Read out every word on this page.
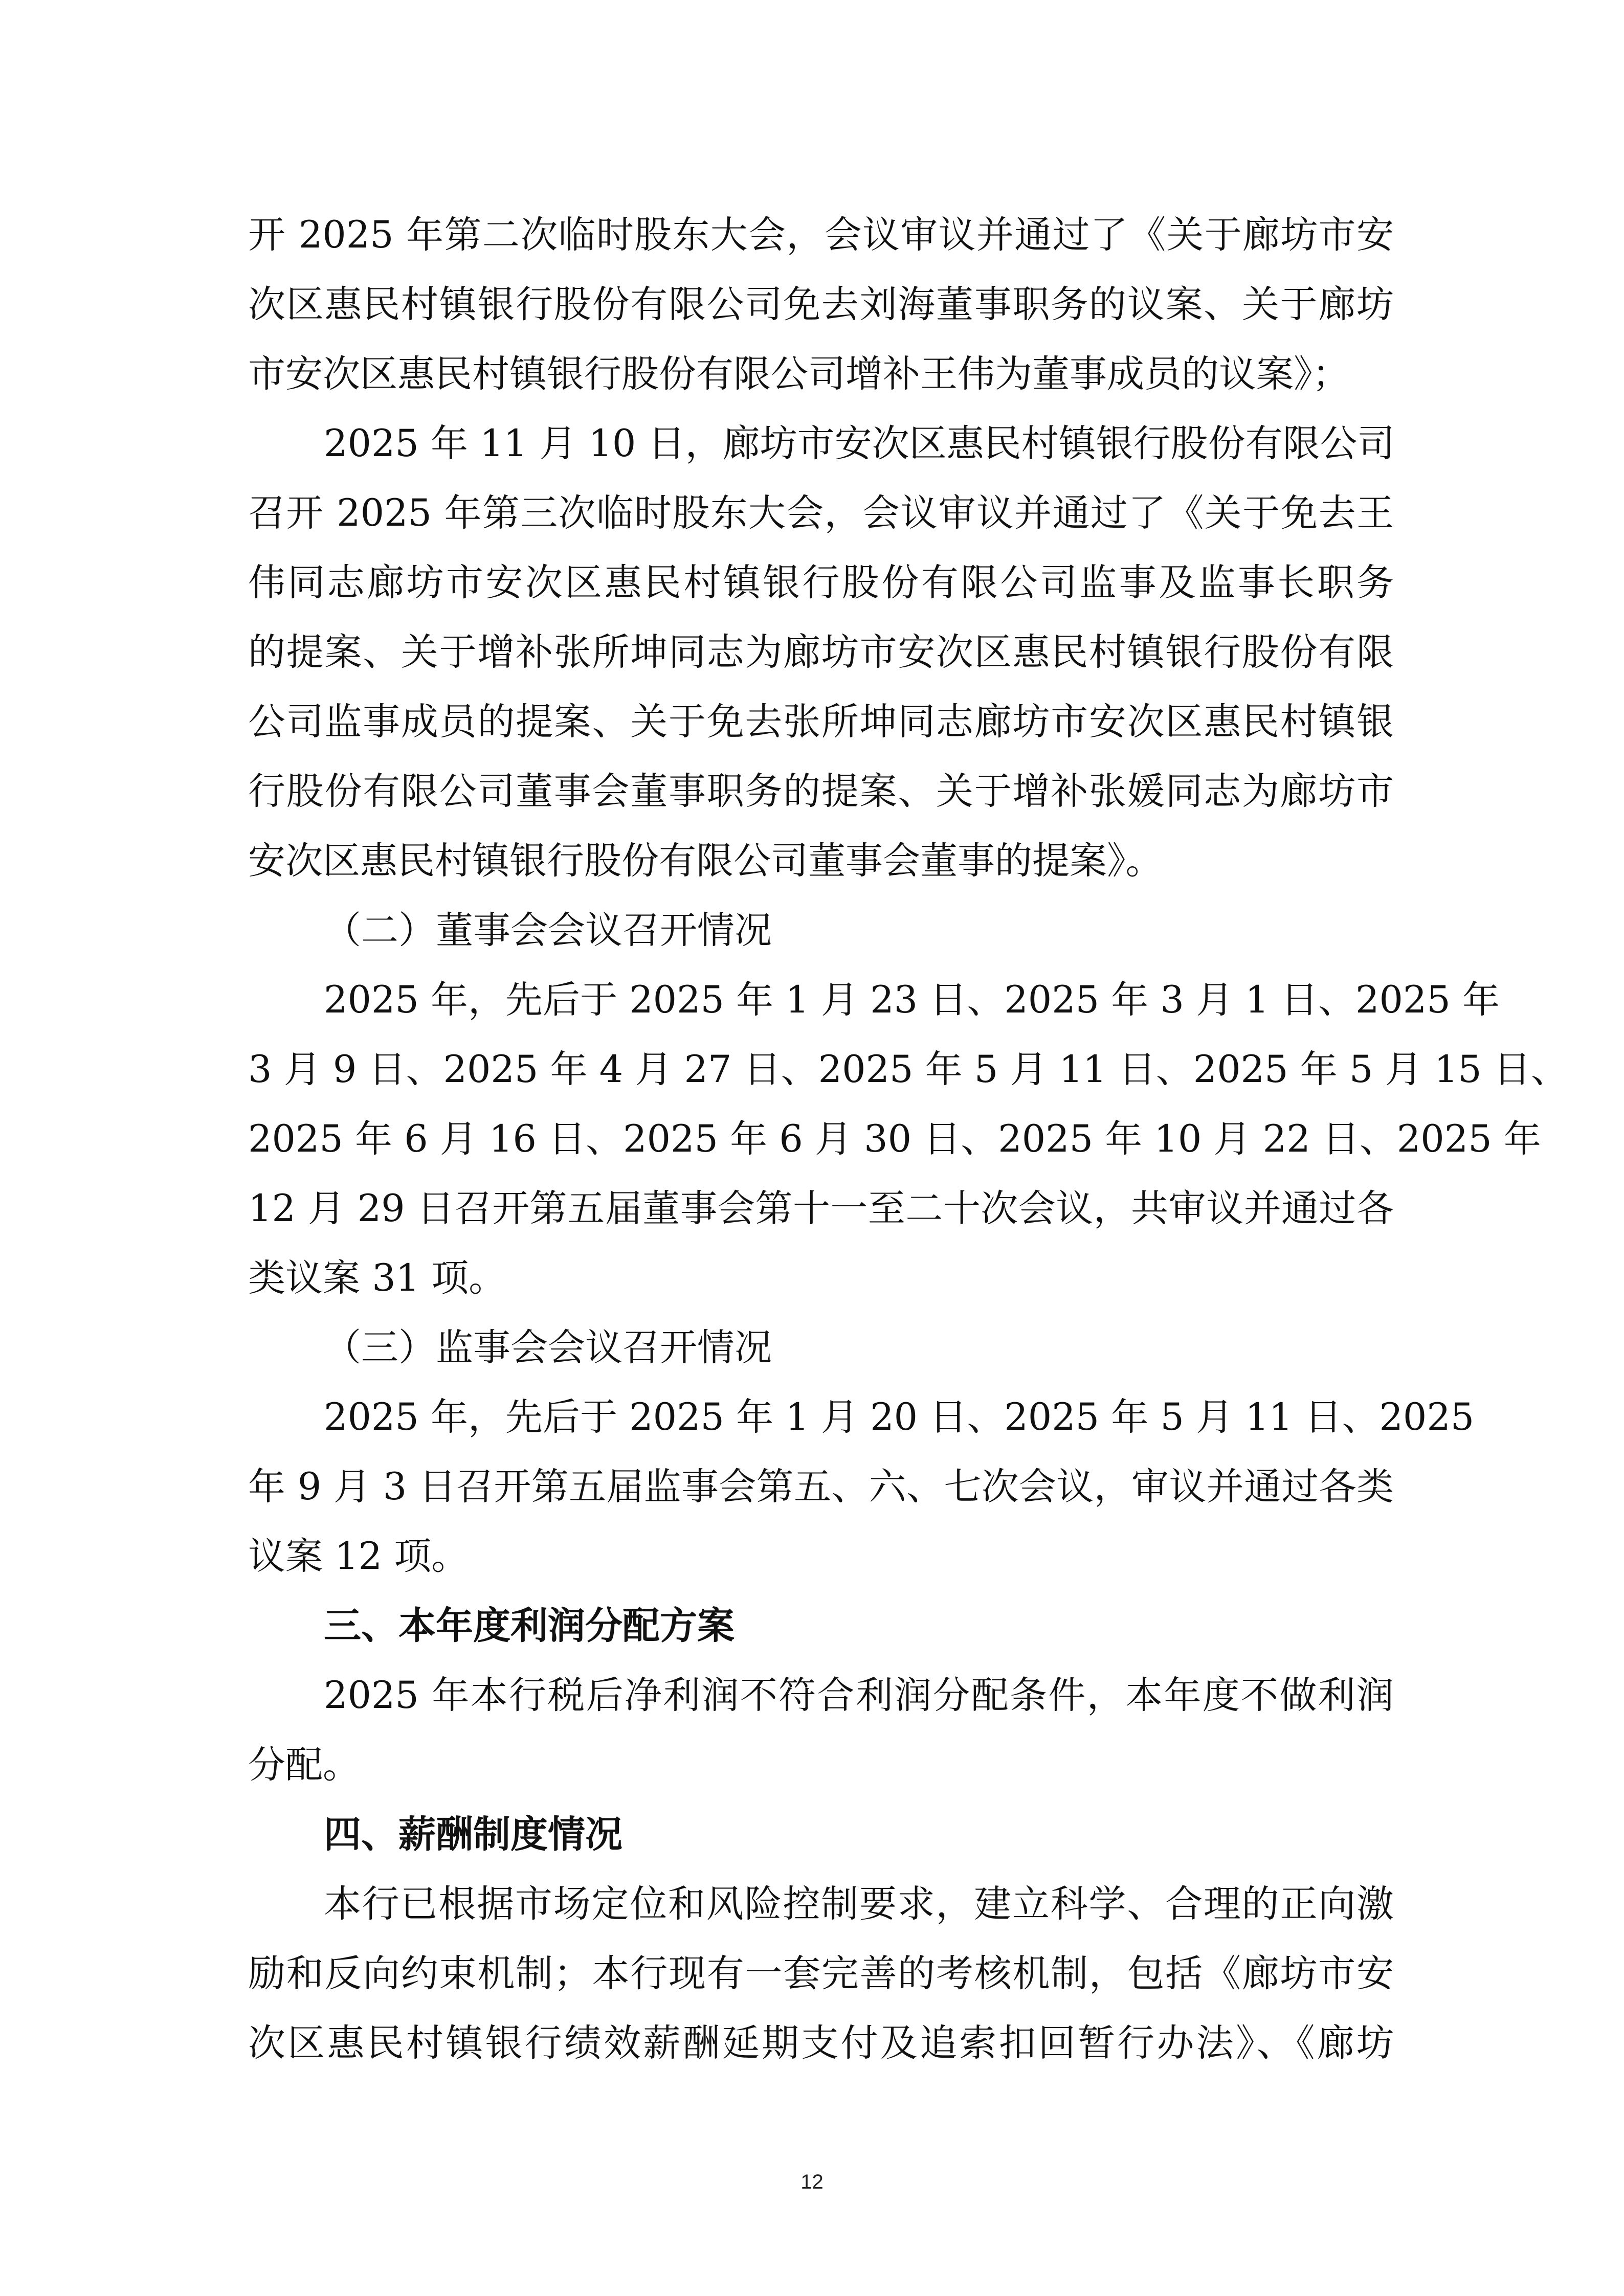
开 2025 年第二次临时股东大会，会议审议并通过了《关于廊坊市安
次区惠民村镇银行股份有限公司免去刘海董事职务的议案、关于廊坊
市安次区惠民村镇银行股份有限公司增补王伟为董事成员的议案》；
2025 年 11 月 10 日，廊坊市安次区惠民村镇银行股份有限公司
召开 2025 年第三次临时股东大会，会议审议并通过了《关于免去王
伟同志廊坊市安次区惠民村镇银行股份有限公司监事及监事长职务
的提案、关于增补张所坤同志为廊坊市安次区惠民村镇银行股份有限
公司监事成员的提案、关于免去张所坤同志廊坊市安次区惠民村镇银
行股份有限公司董事会董事职务的提案、关于增补张媛同志为廊坊市
安次区惠民村镇银行股份有限公司董事会董事的提案》。
（二）董事会会议召开情况
2025 年，先后于 2025 年 1 月 23 日、2025 年 3 月 1 日、2025 年
3 月 9 日、2025 年 4 月 27 日、2025 年 5 月 11 日、2025 年 5 月 15 日、
2025 年 6 月 16 日、2025 年 6 月 30 日、2025 年 10 月 22 日、2025 年
12 月 29 日召开第五届董事会第十一至二十次会议，共审议并通过各
类议案 31 项。
（三）监事会会议召开情况
2025 年，先后于 2025 年 1 月 20 日、2025 年 5 月 11 日、2025
年 9 月 3 日召开第五届监事会第五、六、七次会议，审议并通过各类
议案 12 项。
三、本年度利润分配方案
2025 年本行税后净利润不符合利润分配条件，本年度不做利润
分配。
四、薪酬制度情况
本行已根据市场定位和风险控制要求，建立科学、合理的正向激
励和反向约束机制；本行现有一套完善的考核机制，包括《廊坊市安
次区惠民村镇银行绩效薪酬延期支付及追索扣回暂行办法》、《廊坊
12
